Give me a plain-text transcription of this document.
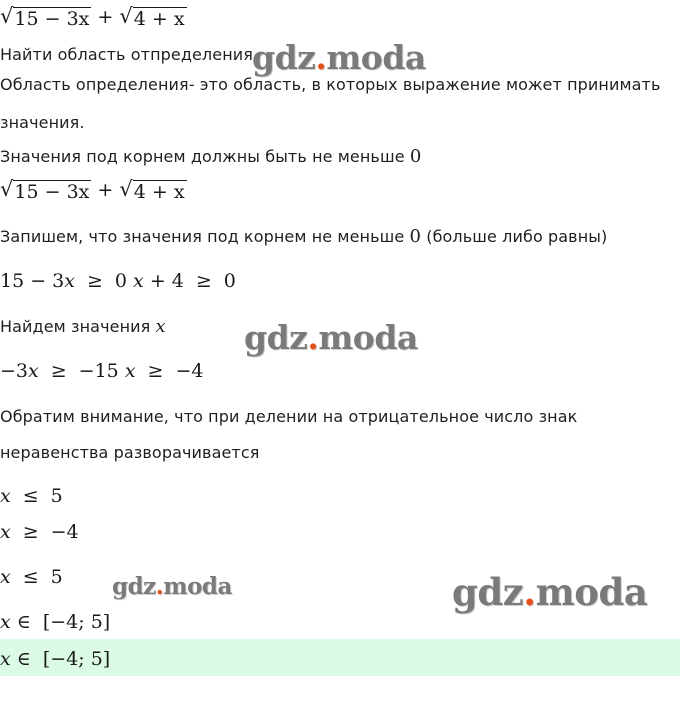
√ 15 − 3x + √ 4 + x
Найти область отпределения
Область определения- это область, в которых выражение может принимать
значения.
Значения под корнем должны быть не меньше 0
√ 15 − 3x + √ 4 + x
Запишем, что значения под корнем не меньше 0 (больше либо равны)
15 − 3x ≥ 0 x + 4 ≥ 0
Найдем значения x
−3x ≥ −15 x ≥ −4
Обратим внимание, что при делении на отрицательное число знак
неравенства разворачивается
x ≤ 5
x ≥ −4
x ≤ 5
x ∈ [−4; 5]
x ∈ [−4; 5]
gdz.moda
gdz.moda
gdz.moda	gdz.moda
